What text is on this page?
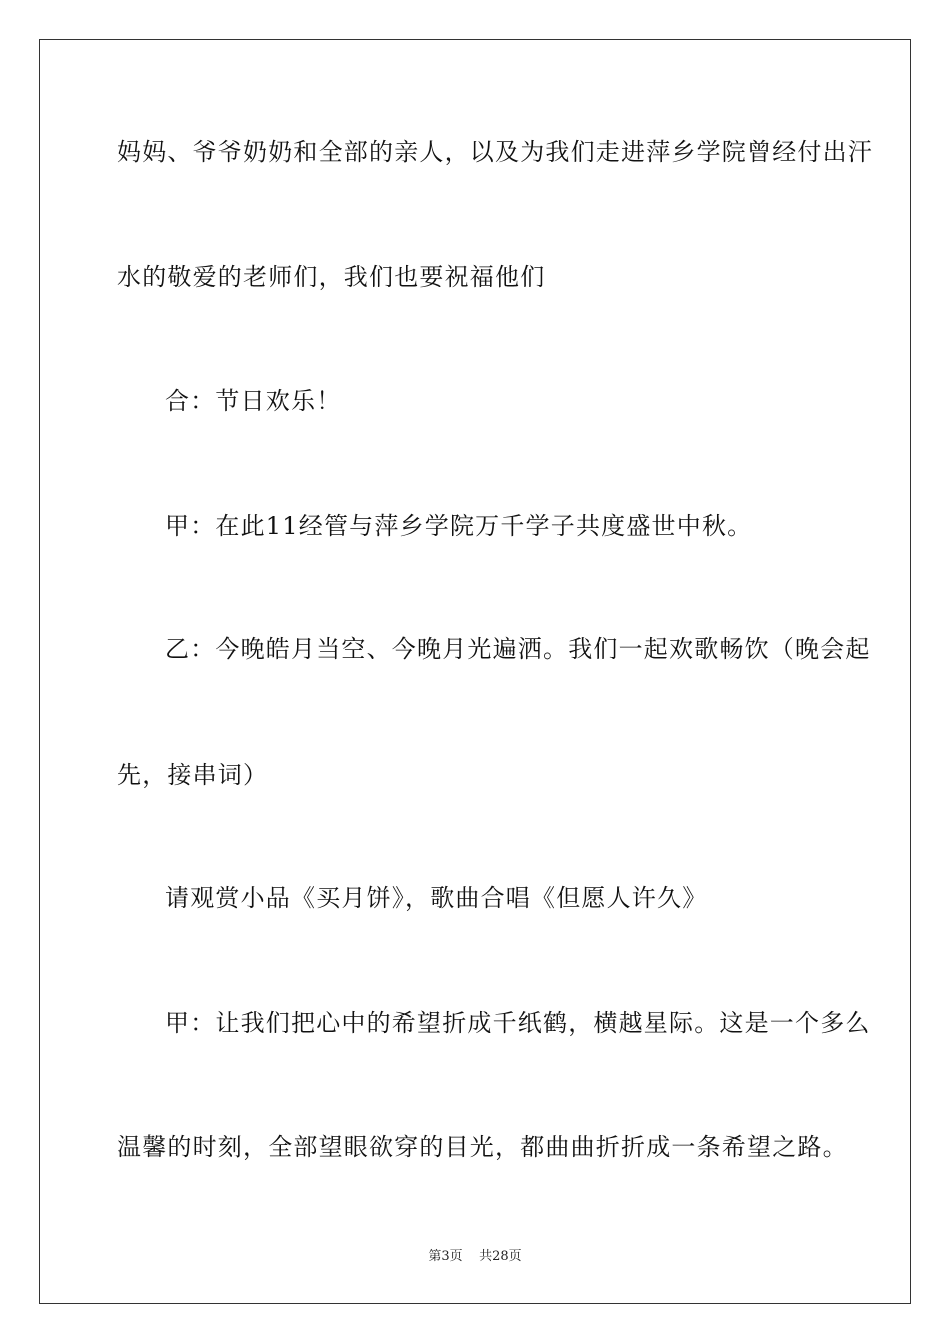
妈妈、爷爷奶奶和全部的亲人，以及为我们走进萍乡学院曾经付出汗
水的敬爱的老师们，我们也要祝福他们
合：节日欢乐！
甲：在此11经管与萍乡学院万千学子共度盛世中秋。
乙：今晚皓月当空、今晚月光遍洒。我们一起欢歌畅饮（晚会起
先，接串词）
请观赏小品《买月饼》，歌曲合唱《但愿人许久》
甲：让我们把心中的希望折成千纸鹤，横越星际。这是一个多么
温馨的时刻，全部望眼欲穿的目光，都曲曲折折成一条希望之路。
第3页 共28页
